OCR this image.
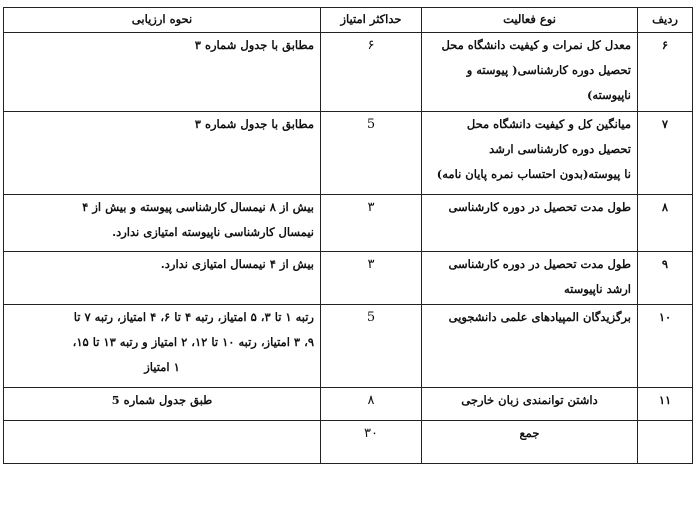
ردیف	نوع فعالیت	حداکثر امتیاز	نحوه ارزیابی
۶	معدل کل نمرات و کیفیت دانشگاه محل
تحصیل دوره کارشناسی( پیوسته و
ناپیوسته)	۶	مطابق با جدول شماره ۳

۷	میانگین کل و کیفیت دانشگاه محل
تحصیل دوره کارشناسی ارشد
نا پیوسته(بدون احتساب نمره پایان نامه)	5	مطابق با جدول شماره ۳

۸	طول مدت تحصیل در دوره کارشناسی	۳	بیش از ۸ نیمسال کارشناسی پیوسته و بیش از ۴
نیمسال کارشناسی ناپیوسته امتیازی ندارد.

۹	طول مدت تحصیل در دوره کارشناسی
ارشد ناپیوسته	۳	بیش از ۴ نیمسال امتیازی ندارد.

۱۰	برگزیدگان المپیادهای علمی دانشجویی	5	رتبه ۱ تا ۳، ۵ امتیاز، رتبه ۴ تا ۶، ۴ امتیاز، رتبه ۷ تا
۹، ۳ امتیاز، رتبه ۱۰ تا ۱۲، ۲ امتیاز و رتبه ۱۳ تا ۱۵،
۱ امتیاز

۱۱	داشتن توانمندی زبان خارجی	۸	طبق جدول شماره 5

	جمع	۳۰	
